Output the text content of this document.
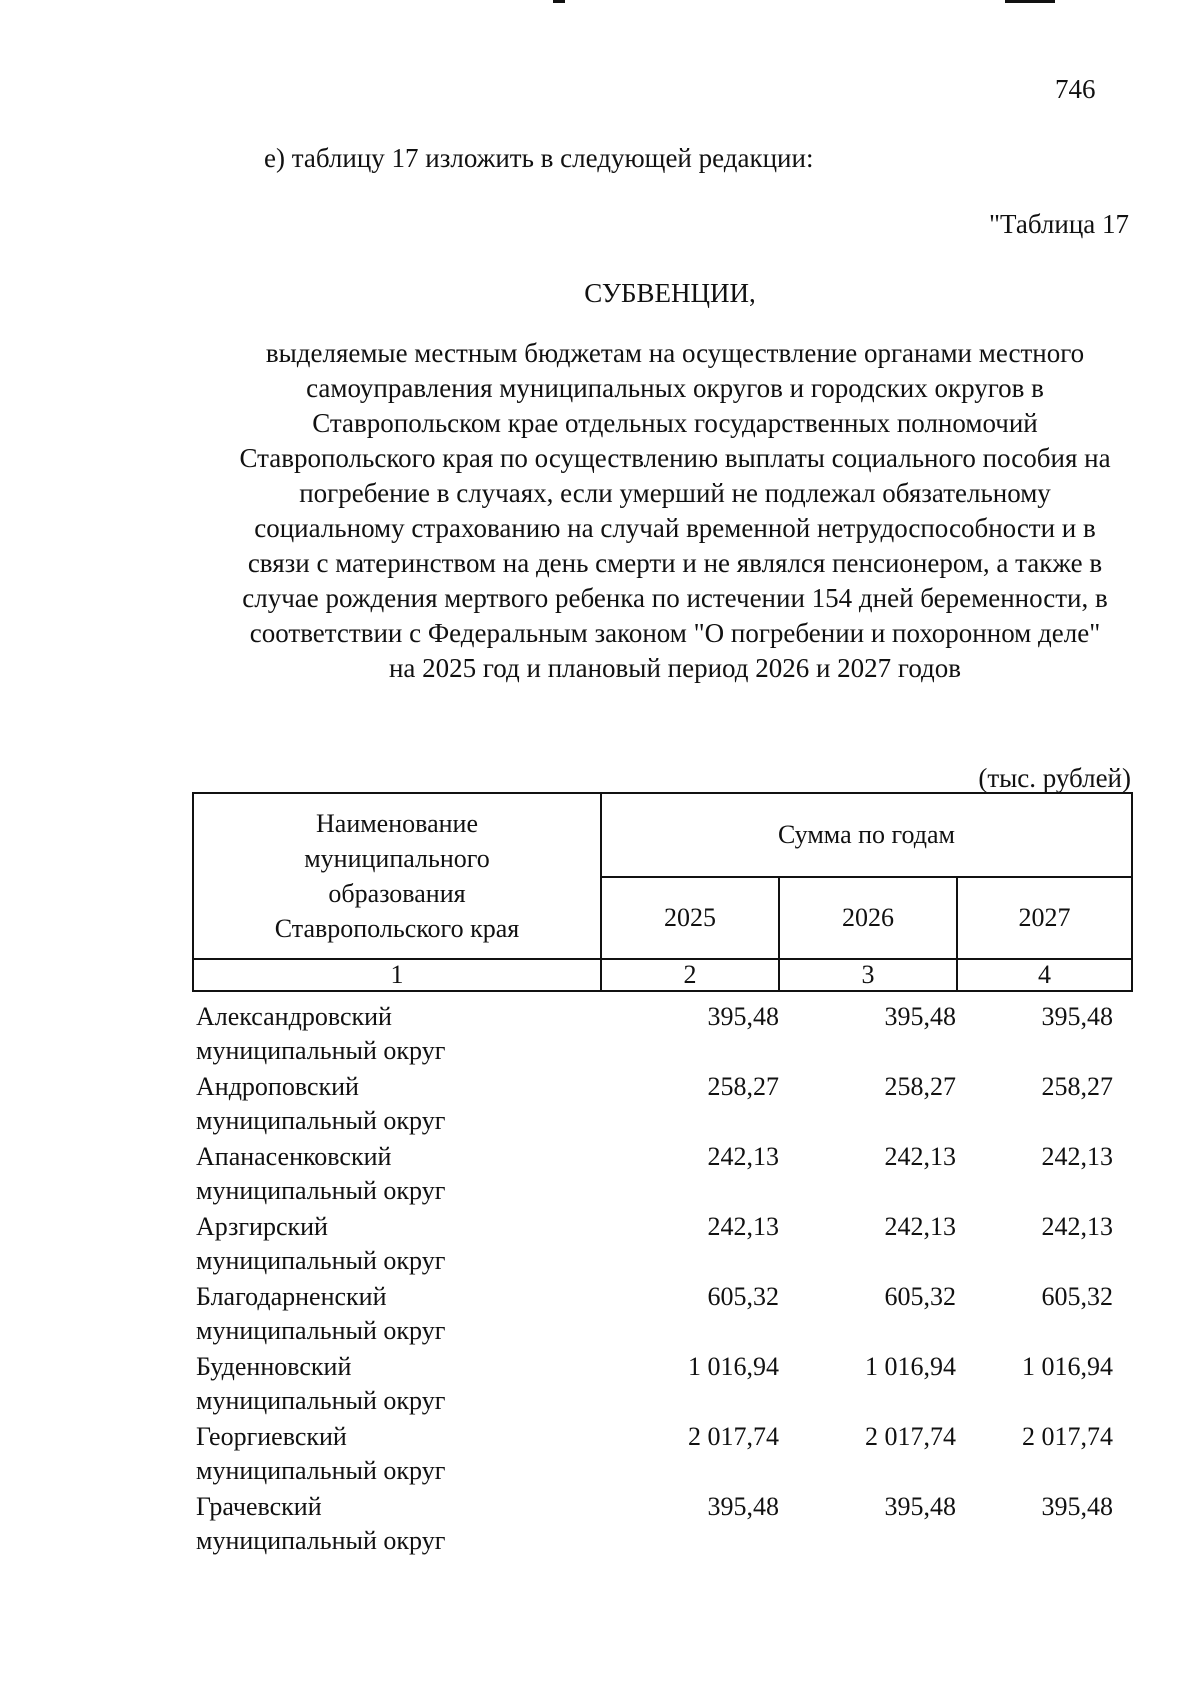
746
е) таблицу 17 изложить в следующей редакции:
"Таблица 17
СУБВЕНЦИИ,

выделяемые местным бюджетам на осуществление органами местного
самоуправления муниципальных округов и городских округов в
Ставропольском крае отдельных государственных полномочий
Ставропольского края по осуществлению выплаты социального пособия на
погребение в случаях, если умерший не подлежал обязательному
социальному страхованию на случай временной нетрудоспособности и в
связи с материнством на день смерти и не являлся пенсионером, а также в
случае рождения мертвого ребенка по истечении 154 дней беременности, в
соответствии с Федеральным законом "О погребении и похоронном деле"
на 2025 год и плановый период 2026 и 2027 годов

(тыс. рублей)
Наименование
муниципального
образования
Ставропольского края	Сумма по годам		
	2025	2026	2027
1	2	3	4
Александровский
муниципальный округ
395,48	395,48	395,48
Андроповский
муниципальный округ
258,27	258,27	258,27
Апанасенковский
муниципальный округ
242,13	242,13	242,13
Арзгирский
муниципальный округ
242,13	242,13	242,13
Благодарненский
муниципальный округ
605,32	605,32	605,32
Буденновский
муниципальный округ
1 016,94	1 016,94	1 016,94
Георгиевский
муниципальный округ
2 017,74	2 017,74	2 017,74
Грачевский
муниципальный округ
395,48	395,48	395,48
